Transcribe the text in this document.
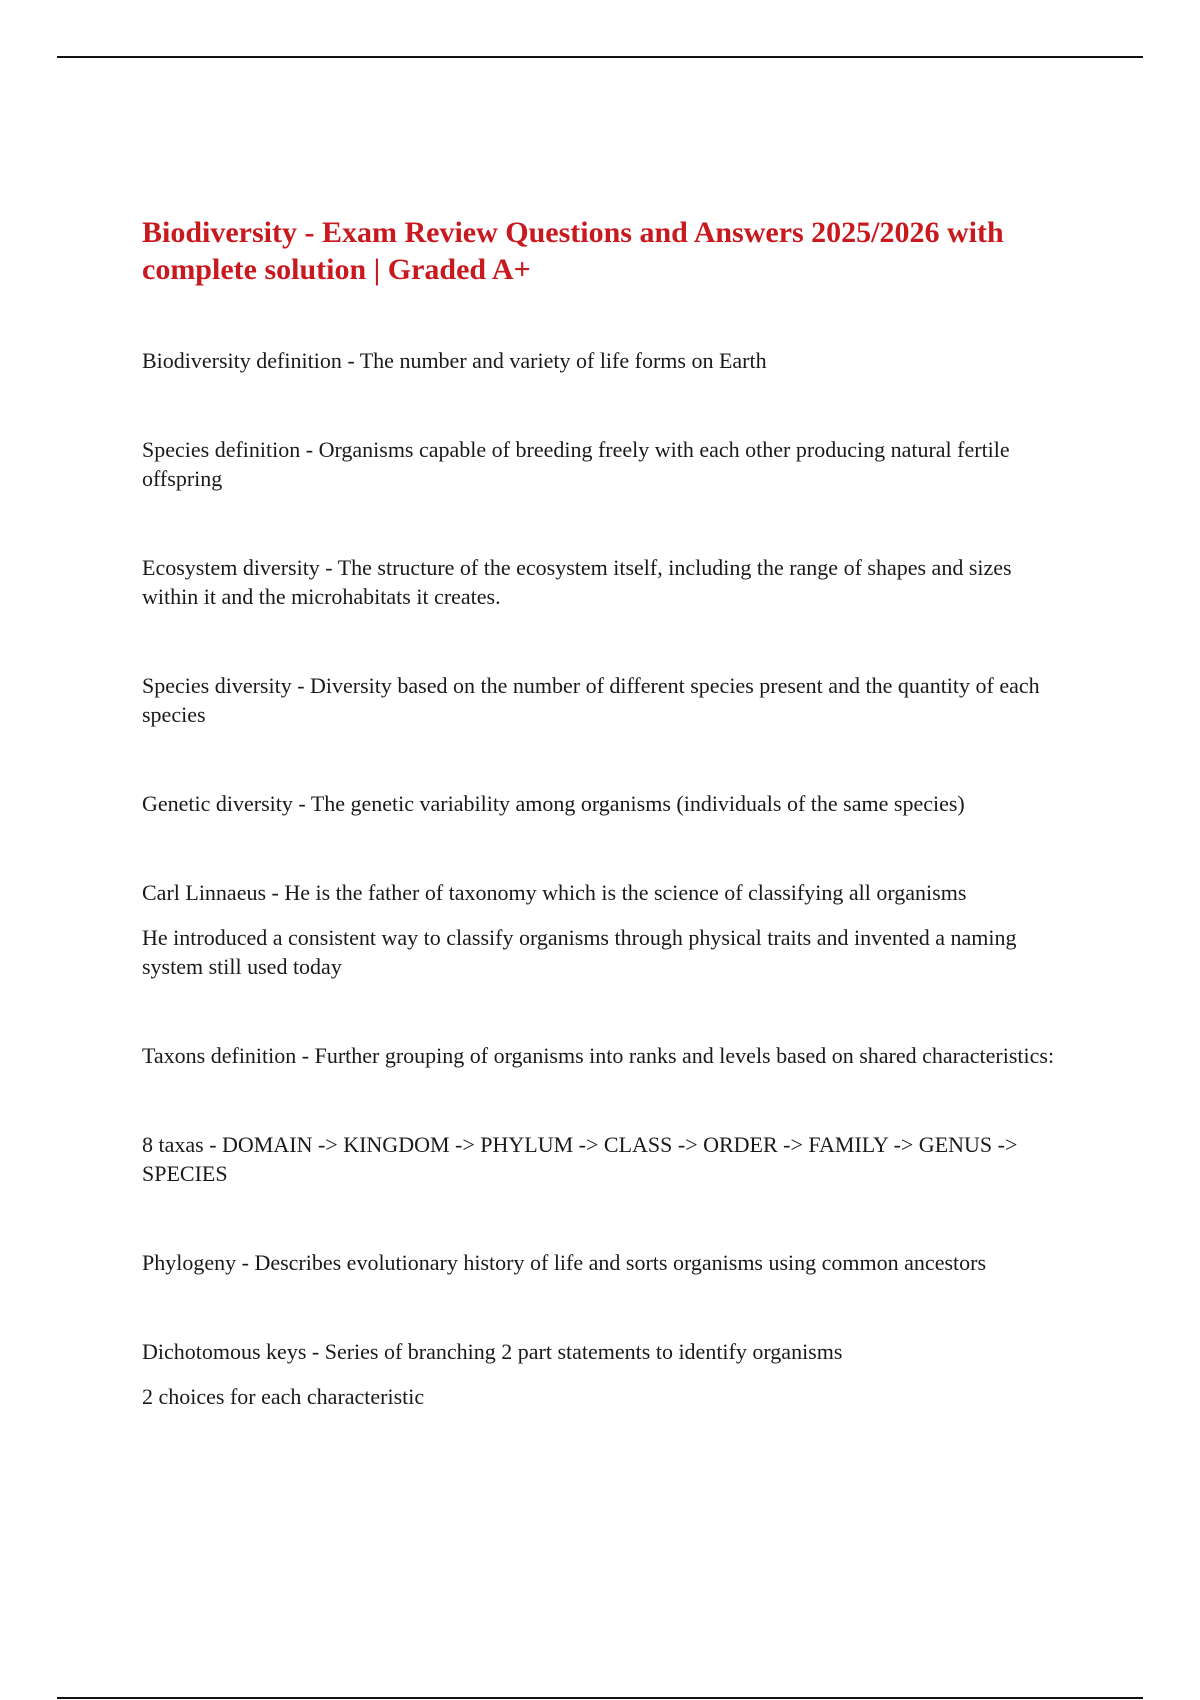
Biodiversity - Exam Review Questions and Answers 2025/2026 with complete solution | Graded A+

Biodiversity definition - The number and variety of life forms on Earth

Species definition - Organisms capable of breeding freely with each other producing natural fertile offspring

Ecosystem diversity - The structure of the ecosystem itself, including the range of shapes and sizes within it and the microhabitats it creates.

Species diversity - Diversity based on the number of different species present and the quantity of each species

Genetic diversity - The genetic variability among organisms (individuals of the same species)

Carl Linnaeus - He is the father of taxonomy which is the science of classifying all organisms

He introduced a consistent way to classify organisms through physical traits and invented a naming system still used today

Taxons definition - Further grouping of organisms into ranks and levels based on shared characteristics:

8 taxas - DOMAIN -> KINGDOM -> PHYLUM -> CLASS -> ORDER -> FAMILY -> GENUS -> SPECIES

Phylogeny - Describes evolutionary history of life and sorts organisms using common ancestors

Dichotomous keys - Series of branching 2 part statements to identify organisms

2 choices for each characteristic
